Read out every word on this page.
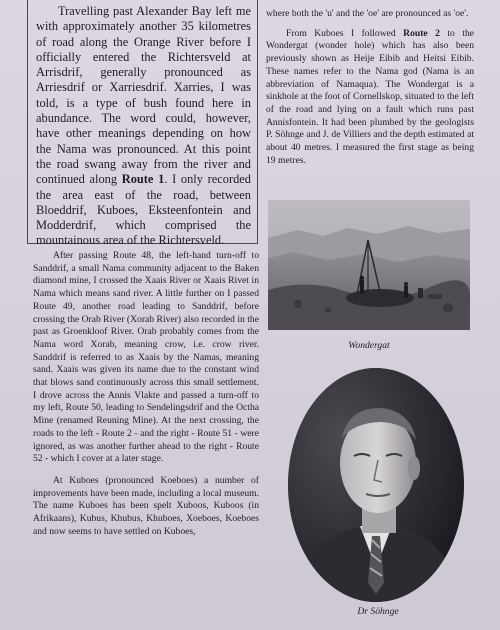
Travelling past Alexander Bay left me with approximately another 35 kilometres of road along the Orange River before I officially entered the Richtersveld at Arrisdrif, generally pronounced as Arriesdrif or Xarriesdrif. Xarries, I was told, is a type of bush found here in abundance. The word could, however, have other meanings depending on how the Nama was pronounced. At this point the road swang away from the river and continued along Route 1. I only recorded the area east of the road, between Bloeddrif, Kuboes, Eksteenfontein and Modderdrif, which comprised the mountainous area of the Richtersveld.

After passing Route 48, the left-hand turn-off to Sanddrif, a small Nama community adjacent to the Baken diamond mine, I crossed the Xaais River or Xaais Rivet in Nama which means sand river. A little further on I passed Route 49, another road leading to Sanddrif, before crossing the Orab River (Xorab River) also recorded in the past as Groenkloof River. Orab probably comes from the Nama word Xorab, meaning crow, i.e. crow river. Sanddrif is referred to as Xaais by the Namas, meaning sand. Xaais was given its name due to the constant wind that blows sand continuously across this small settlement. I drove across the Annis Vlakte and passed a turn-off to my left, Route 50, leading to Sendelingsdrif and the Octha Mine (renamed Reuning Mine). At the next crossing, the roads to the left - Route 2 - and the right - Route 51 - were ignored, as was another further ahead to the right - Route 52 - which I cover at a later stage.

At Kuboes (pronounced Koeboes) a number of improvements have been made, including a local museum. The name Kuboes has been spelt Xuboos, Kuboos (in Afrikaans), Kubus, Khubus, Khuboes, Xoeboes, Koeboes and now seems to have settled on Kuboes,

where both the 'u' and the 'oe' are pronounced as 'oe'.

From Kuboes I followed Route 2 to the Wondergat (wonder hole) which has also been previously shown as Heije Eibib and Heitsi Eibib. These names refer to the Nama god (Nama is an abbreviation of Namaqua). The Wondergat is a sinkhole at the foot of Cornellskop, situated to the left of the road and lying on a fault which runs past Annisfontein. It had been plumbed by the geologists P. Söhnge and J. de Villiers and the depth estimated at about 40 metres. I measured the first stage as being 19 metres.

Wondergat
Dr Söhnge
